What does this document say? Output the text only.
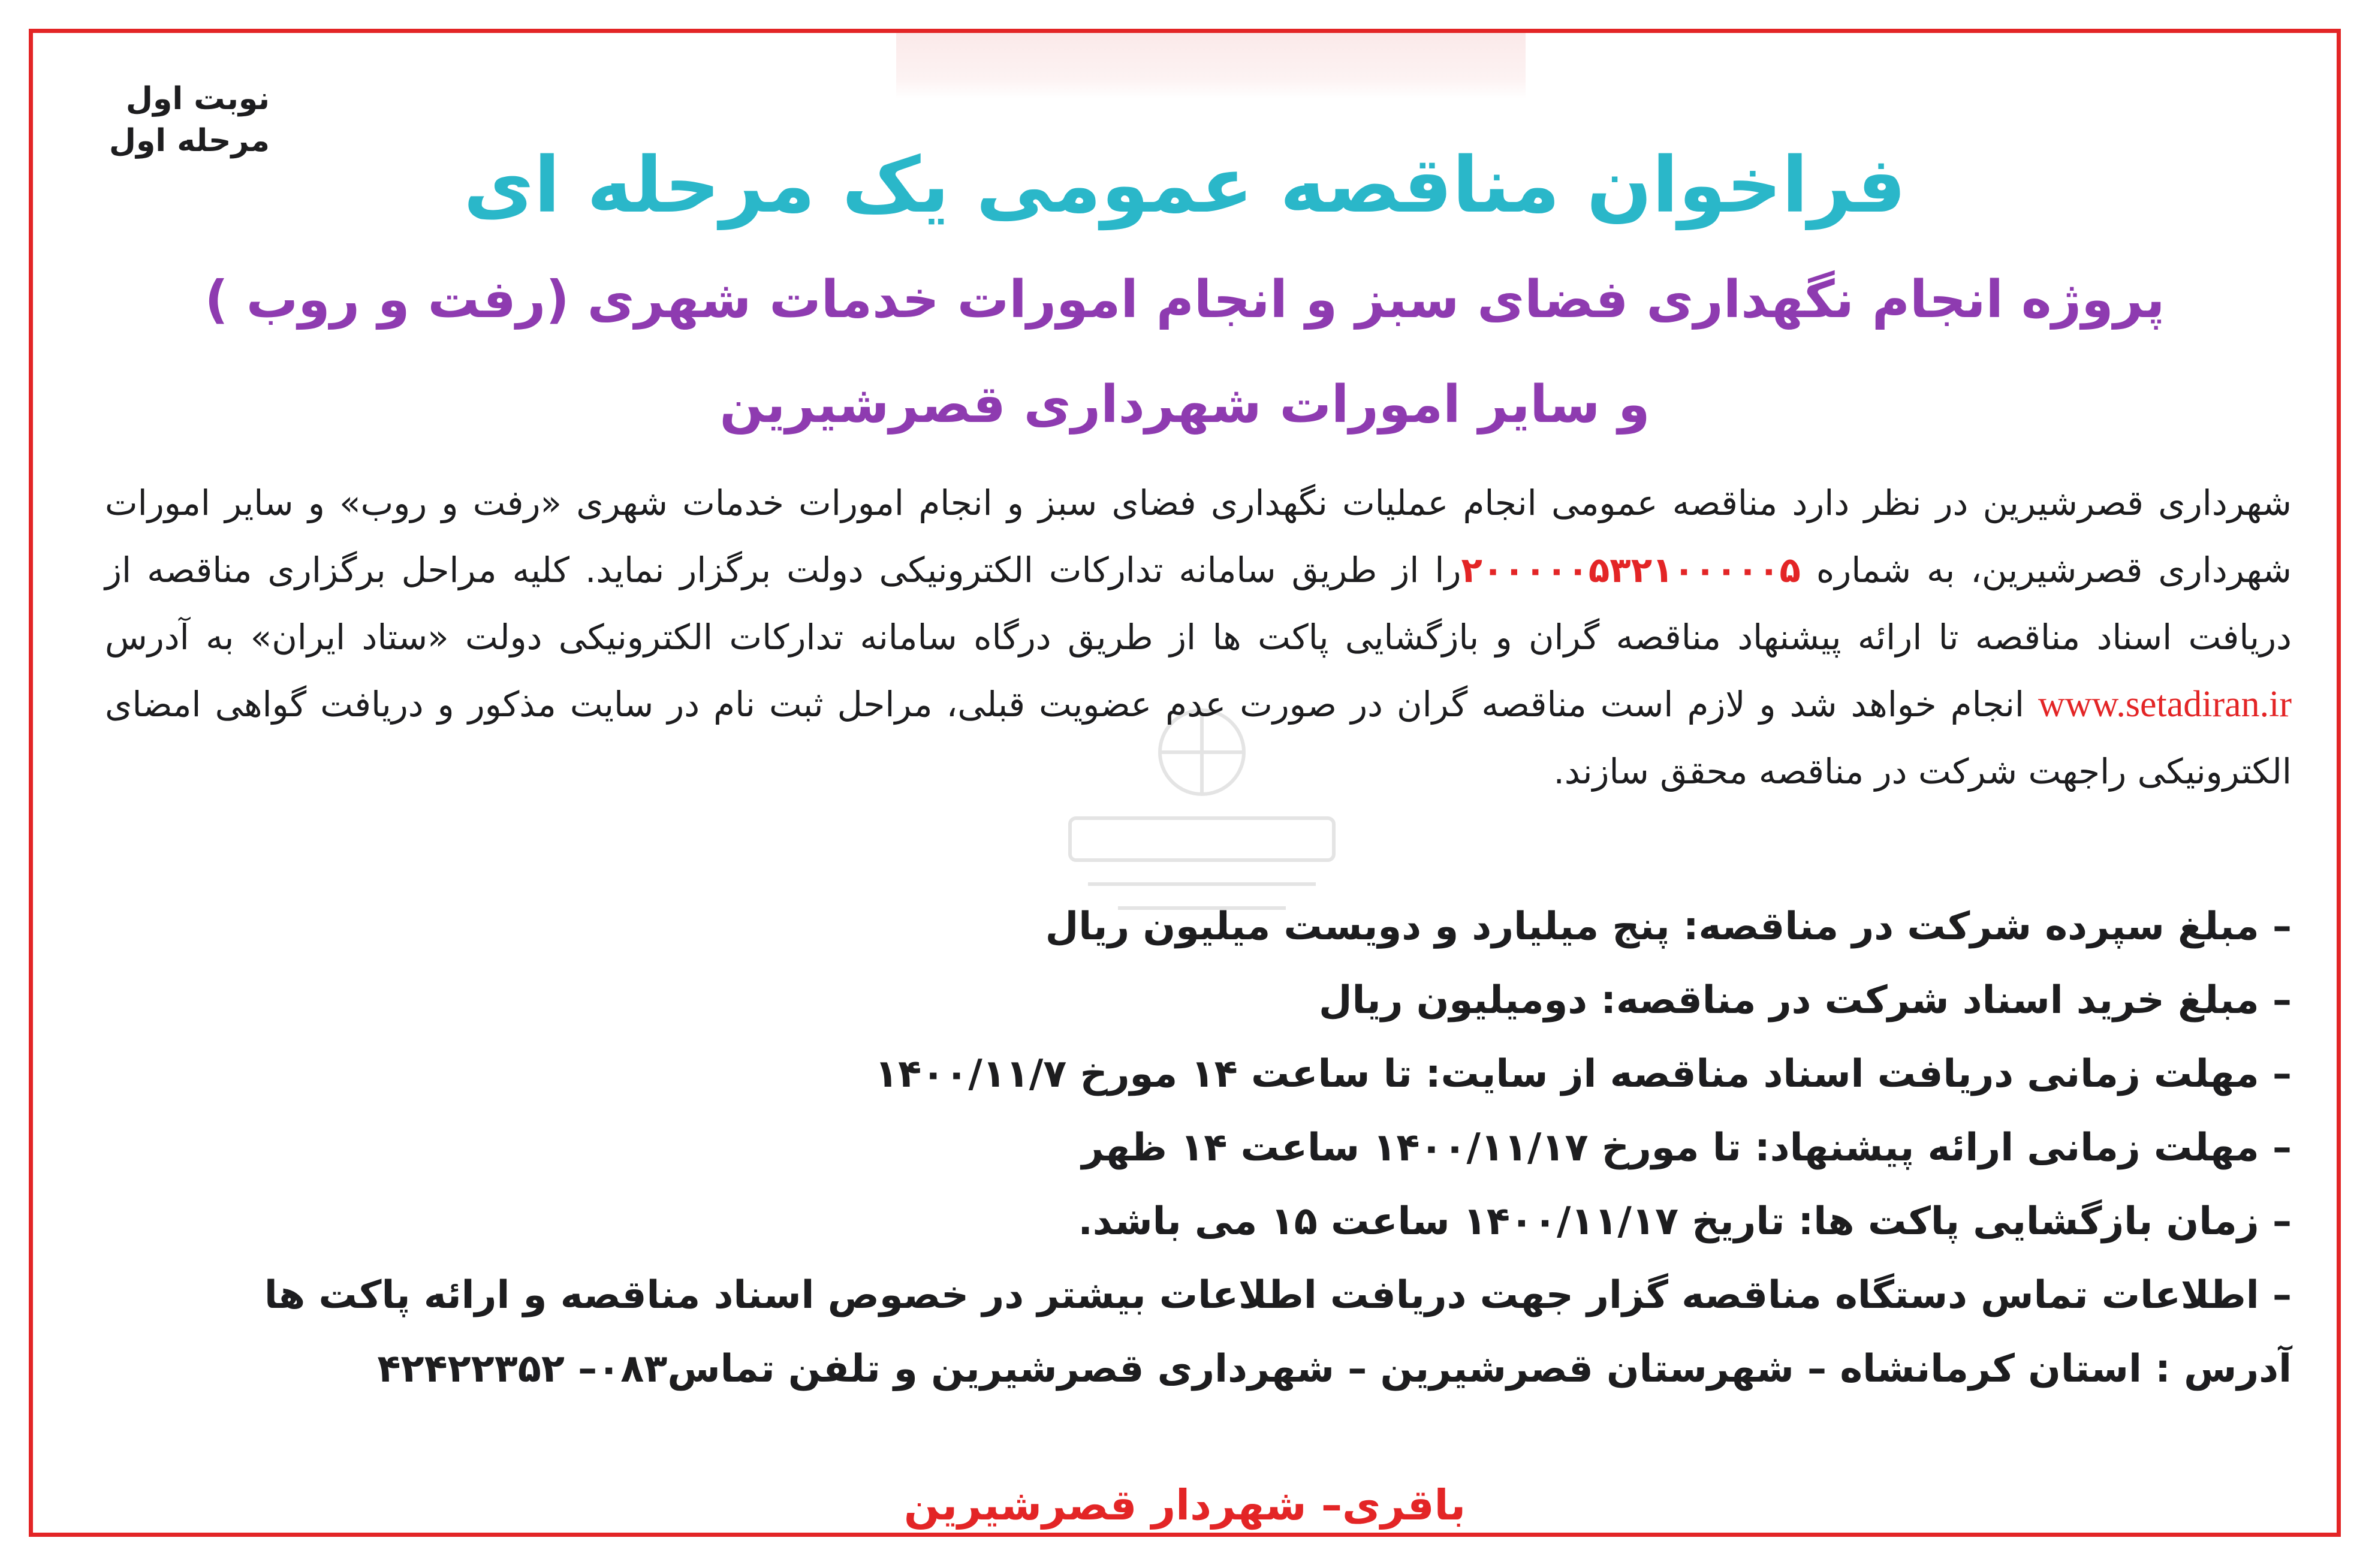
نوبت اول
مرحله اول	فراخوان مناقصه عمومی یک مرحله ای
پروژه انجام نگهداری فضای سبز و انجام امورات خدمات شهری (رفت و روب )
و سایر امورات شهرداری قصرشیرین
شهرداری قصرشیرین در نظر دارد مناقصه عمومی انجام عملیات نگهداری فضای سبز و انجام امورات خدمات شهری «رفت و روب» و سایر امورات شهرداری قصرشیرین، به شماره ۲۰۰۰۰۰۵۳۲۱۰۰۰۰۰۵را از طریق سامانه تدارکات الکترونیکی دولت برگزار نماید. کلیه مراحل برگزاری مناقصه از دریافت اسناد مناقصه تا ارائه پیشنهاد مناقصه گران و بازگشایی پاکت ها از طریق درگاه سامانه تدارکات الکترونیکی دولت «ستاد ایران» به آدرس www.setadiran.ir انجام خواهد شد و لازم است مناقصه گران در صورت عدم عضویت قبلی، مراحل ثبت نام در سایت مذکور و دریافت گواهی امضای الکترونیکی راجهت شرکت در مناقصه محقق سازند.
– مبلغ سپرده شرکت در مناقصه: پنج میلیارد و دویست میلیون ریال
– مبلغ خرید اسناد شرکت در مناقصه: دومیلیون ریال
– مهلت زمانی دریافت اسناد مناقصه از سایت: تا ساعت ۱۴ مورخ ۱۴۰۰/۱۱/۷
– مهلت زمانی ارائه پیشنهاد: تا مورخ ۱۴۰۰/۱۱/۱۷ ساعت ۱۴ ظهر
– زمان بازگشایی پاکت ها: تاریخ ۱۴۰۰/۱۱/۱۷ ساعت ۱۵ می باشد.
– اطلاعات تماس دستگاه مناقصه گزار جهت دریافت اطلاعات بیشتر در خصوص اسناد مناقصه و ارائه پاکت ها
آدرس : استان کرمانشاه – شهرستان قصرشیرین – شهرداری قصرشیرین و تلفن تماس۰۸۳– ۴۲۴۲۲۳۵۲
باقری– شهردار قصرشیرین
